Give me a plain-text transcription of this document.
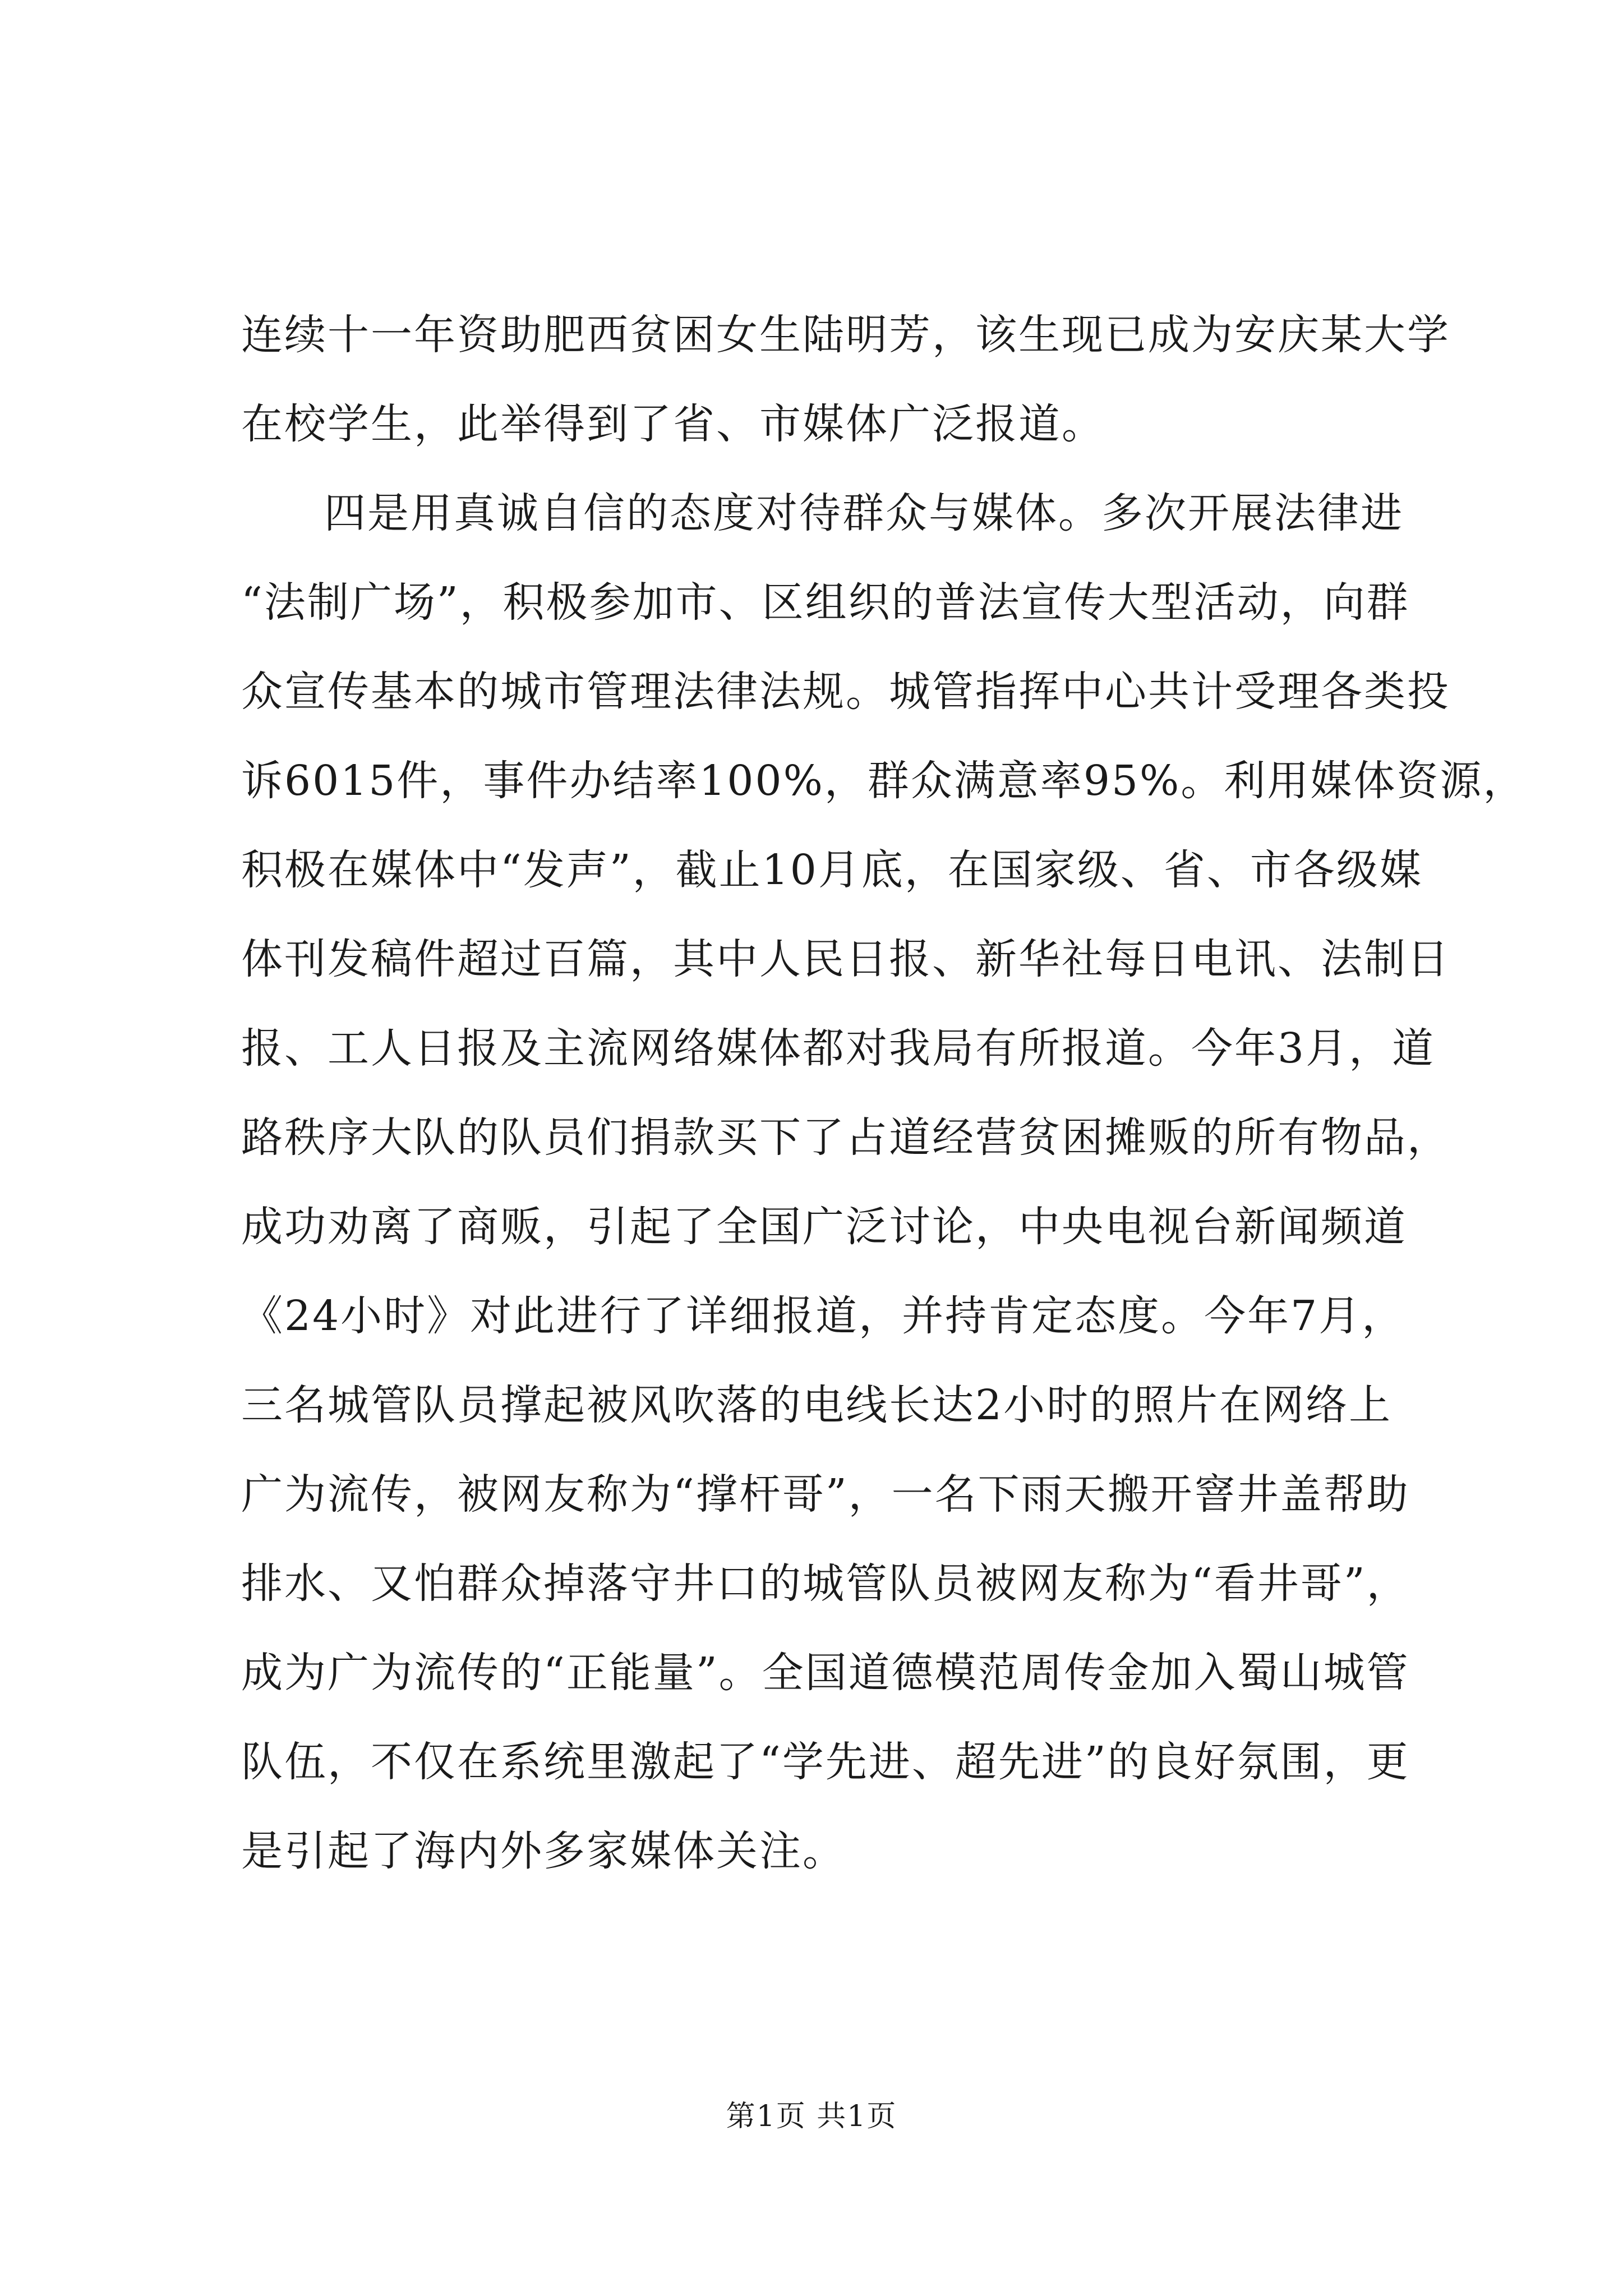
连续十一年资助肥西贫困女生陆明芳，该生现已成为安庆某大学
在校学生，此举得到了省、市媒体广泛报道。
四是用真诚自信的态度对待群众与媒体。多次开展法律进
“法制广场”，积极参加市、区组织的普法宣传大型活动，向群
众宣传基本的城市管理法律法规。城管指挥中心共计受理各类投
诉6015件，事件办结率100%，群众满意率95%。利用媒体资源，
积极在媒体中“发声”，截止10月底，在国家级、省、市各级媒
体刊发稿件超过百篇，其中人民日报、新华社每日电讯、法制日
报、工人日报及主流网络媒体都对我局有所报道。今年3月，道
路秩序大队的队员们捐款买下了占道经营贫困摊贩的所有物品，
成功劝离了商贩，引起了全国广泛讨论，中央电视台新闻频道
《24小时》对此进行了详细报道，并持肯定态度。今年7月，
三名城管队员撑起被风吹落的电线长达2小时的照片在网络上
广为流传，被网友称为“撑杆哥”，一名下雨天搬开窨井盖帮助
排水、又怕群众掉落守井口的城管队员被网友称为“看井哥”，
成为广为流传的“正能量”。全国道德模范周传金加入蜀山城管
队伍，不仅在系统里激起了“学先进、超先进”的良好氛围，更
是引起了海内外多家媒体关注。
第1页 共1页
